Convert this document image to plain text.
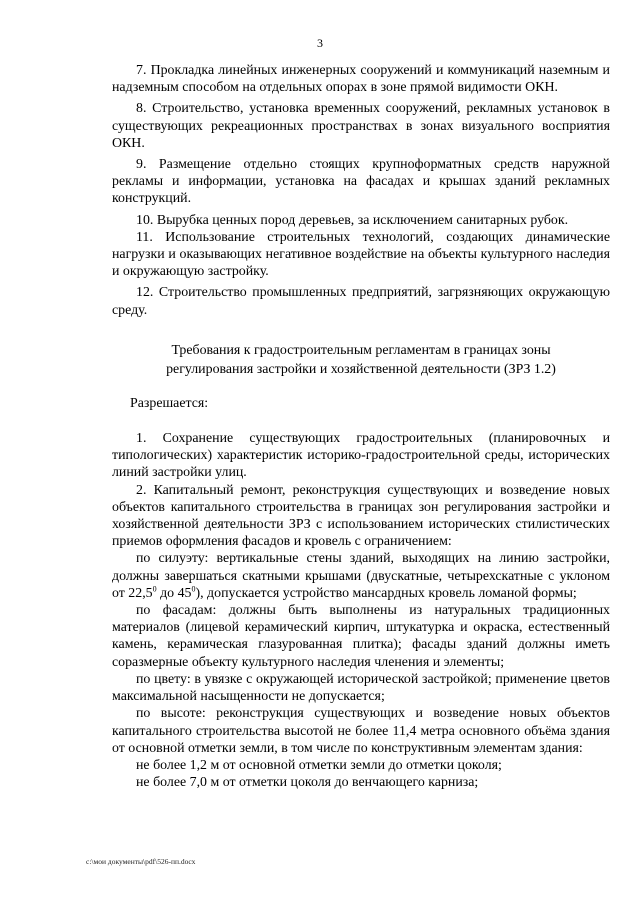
3

7. Прокладка линейных инженерных сооружений и коммуникаций наземным и надземным способом на отдельных опорах в зоне прямой видимости ОКН.

8. Строительство, установка временных сооружений, рекламных установок в существующих рекреационных пространствах в зонах визуального восприятия ОКН.

9. Размещение отдельно стоящих крупноформатных средств наружной рекламы и информации, установка на фасадах и крышах зданий рекламных конструкций.

10. Вырубка ценных пород деревьев, за исключением санитарных рубок.

11. Использование строительных технологий, создающих динамические нагрузки и оказывающих негативное воздействие на объекты культурного наследия и окружающую застройку.

12. Строительство промышленных предприятий, загрязняющих окружающую среду.

Требования к градостроительным регламентам в границах зоны
регулирования застройки и хозяйственной деятельности (ЗРЗ 1.2)
Разрешается:

1. Сохранение существующих градостроительных (планировочных и типологических) характеристик историко-градостроительной среды, исторических линий застройки улиц.

2. Капитальный ремонт, реконструкция существующих и возведение новых объектов капитального строительства в границах зон регулирования застройки и хозяйственной деятельности ЗРЗ с использованием исторических стилистических приемов оформления фасадов и кровель с ограничением:

по силуэту: вертикальные стены зданий, выходящих на линию застройки, должны завершаться скатными крышами (двускатные, четырехскатные с уклоном от 22,5$^0$ до $45^0$), допускается устройство мансардных кровель ломаной формы;

по фасадам: должны быть выполнены из натуральных традиционных материалов (лицевой керамический кирпич, штукатурка и окраска, естественный камень, керамическая глазурованная плитка); фасады зданий должны иметь соразмерные объекту культурного наследия членения и элементы;

по цвету: в увязке с окружающей исторической застройкой; применение цветов максимальной насыщенности не допускается;

по высоте: реконструкция существующих и возведение новых объектов капитального строительства высотой не более 11,4 метра основного объёма здания от основной отметки земли, в том числе по конструктивным элементам здания:

не более 1,2 м от основной отметки земли до отметки цоколя;

не более 7,0 м от отметки цоколя до венчающего карниза;

c:\мои документы\pdf\526-пп.docx
